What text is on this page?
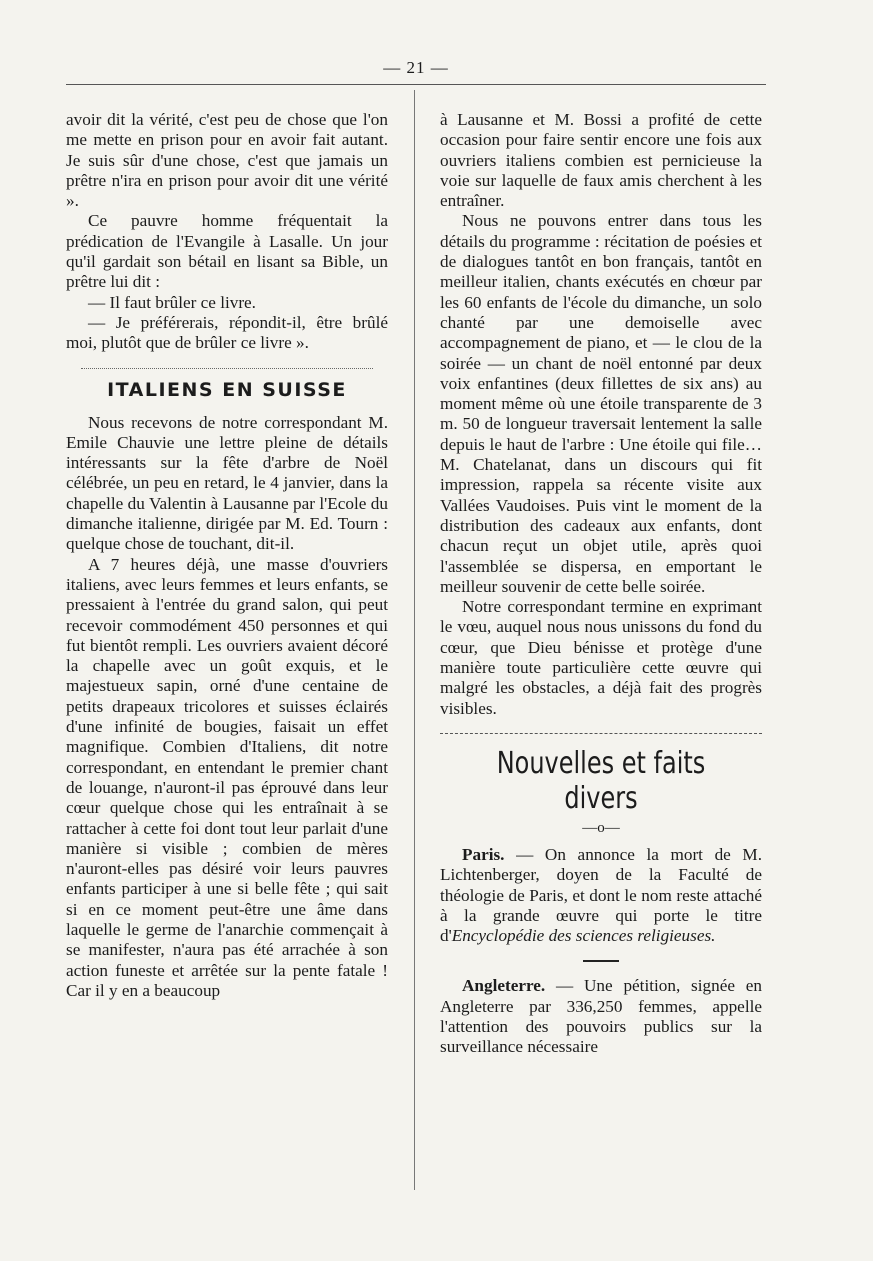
— 21 —

avoir dit la vérité, c'est peu de chose que l'on me mette en prison pour en avoir fait autant. Je suis sûr d'une chose, c'est que jamais un prêtre n'ira en prison pour avoir dit une vérité ».

Ce pauvre homme fréquentait la prédication de l'Evangile à Lasalle. Un jour qu'il gardait son bétail en lisant sa Bible, un prêtre lui dit :

— Il faut brûler ce livre.

— Je préférerais, répondit-il, être brûlé moi, plutôt que de brûler ce livre ».

ITALIENS EN SUISSE

Nous recevons de notre correspondant M. Emile Chauvie une lettre pleine de détails intéressants sur la fête d'arbre de Noël célébrée, un peu en retard, le 4 janvier, dans la chapelle du Valentin à Lausanne par l'Ecole du dimanche italienne, dirigée par M. Ed. Tourn : quelque chose de touchant, dit-il.

A 7 heures déjà, une masse d'ouvriers italiens, avec leurs femmes et leurs enfants, se pressaient à l'entrée du grand salon, qui peut recevoir commodément 450 personnes et qui fut bientôt rempli. Les ouvriers avaient décoré la chapelle avec un goût exquis, et le majestueux sapin, orné d'une centaine de petits drapeaux tricolores et suisses éclairés d'une infinité de bougies, faisait un effet magnifique. Combien d'Italiens, dit notre correspondant, en entendant le premier chant de louange, n'auront-il pas éprouvé dans leur cœur quelque chose qui les entraînait à se rattacher à cette foi dont tout leur parlait d'une manière si visible ; combien de mères n'auront-elles pas désiré voir leurs pauvres enfants participer à une si belle fête ; qui sait si en ce moment peut-être une âme dans laquelle le germe de l'anarchie commençait à se manifester, n'aura pas été arrachée à son action funeste et arrêtée sur la pente fatale ! Car il y en a beaucoup

à Lausanne et M. Bossi a profité de cette occasion pour faire sentir encore une fois aux ouvriers italiens combien est pernicieuse la voie sur laquelle de faux amis cherchent à les entraîner.

Nous ne pouvons entrer dans tous les détails du programme : récitation de poésies et de dialogues tantôt en bon français, tantôt en meilleur italien, chants exécutés en chœur par les 60 enfants de l'école du dimanche, un solo chanté par une demoiselle avec accompagnement de piano, et — le clou de la soirée — un chant de noël entonné par deux voix enfantines (deux fillettes de six ans) au moment même où une étoile transparente de 3 m. 50 de longueur traversait lentement la salle depuis le haut de l'arbre : Une étoile qui file… M. Chatelanat, dans un discours qui fit impression, rappela sa récente visite aux Vallées Vaudoises. Puis vint le moment de la distribution des cadeaux aux enfants, dont chacun reçut un objet utile, après quoi l'assemblée se dispersa, en emportant le meilleur souvenir de cette belle soirée.

Notre correspondant termine en exprimant le vœu, auquel nous nous unissons du fond du cœur, que Dieu bénisse et protège d'une manière toute particulière cette œuvre qui malgré les obstacles, a déjà fait des progrès visibles.

Nouvelles et faits divers
—o—

Paris. — On annonce la mort de M. Lichtenberger, doyen de la Faculté de théologie de Paris, et dont le nom reste attaché à la grande œuvre qui porte le titre d'Encyclopédie des sciences religieuses.

Angleterre. — Une pétition, signée en Angleterre par 336,250 femmes, appelle l'attention des pouvoirs publics sur la surveillance nécessaire
